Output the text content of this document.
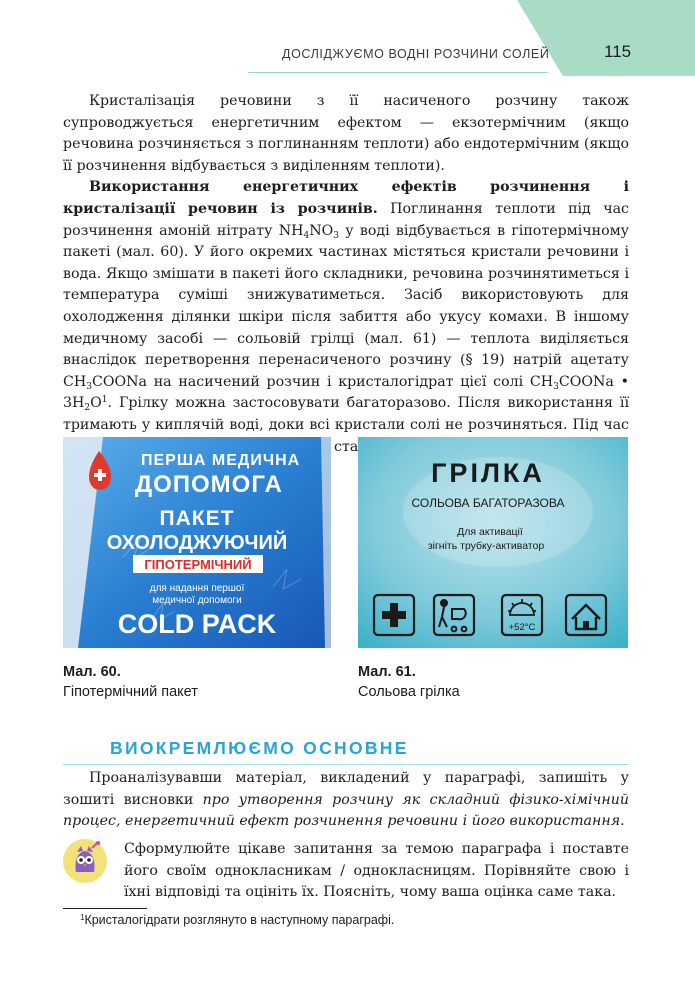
ДОСЛІДЖУЄМО ВОДНІ РОЗЧИНИ СОЛЕЙ	115

Кристалізація речовини з її насиченого розчину також супроводжується енергетичним ефектом — екзотермічним (якщо речовина розчиняється з поглинанням теплоти) або ендотермічним (якщо її розчинення відбувається з виділенням теплоти).

Використання енергетичних ефектів розчинення і кристалізації речовин із розчинів. Поглинання теплоти під час розчинення амоній нітрату $NH_4NO_3$ у воді відбувається в гіпотермічному пакеті (мал. 60). У його окремих частинах містяться кристали речовини і вода. Якщо змішати в пакеті його складники, речовина розчинятиметься і температура суміші знижуватиметься. Засіб використовують для охолодження ділянки шкіри після забиття або укусу комахи. В іншому медичному засобі — сольовій грілці (мал. 61) — теплота виділяється внаслідок перетворення перенасиченого розчину (§ 19) натрій ацетату $CH_3COONa$ на насичений розчин і кристалогідрат цієї солі $CH_3COONa$ • $3H_2O^1$. Грілку можна застосовувати багаторазово. Після використання її тримають у киплячій воді, доки всі кристали солі не розчиняться. Під час стає

ПЕРША МЕДИЧНА
ДОПОМОГА
ПАКЕТ
ОХОЛОДЖУЮЧИЙ
ГІПОТЕРМІЧНИЙ
для надання першої
медичної допомоги
COLD PACK
ГРІЛКА
СОЛЬОВА БАГАТОРАЗОВА
Для активації
зігніть трубку-активатор
+52°C
Мал. 60.
Гіпотермічний пакет
Мал. 61.
Сольова грілка
ВИОКРЕМЛЮЄМО ОСНОВНЕ

Проаналізувавши матеріал, викладений у параграфі, запишіть у зошиті висновки про утворення розчину як складний фізико-хімічний процес, енергетичний ефект розчинення речовини і його використання.

Сформулюйте цікаве запитання за темою параграфа і поставте його своїм однокласникам / однокласницям. Порівняйте свою і їхні відповіді та оцініть їх. Поясніть, чому ваша оцінка саме така.

$^1$Кристалогідрати розглянуто в наступному параграфі.
